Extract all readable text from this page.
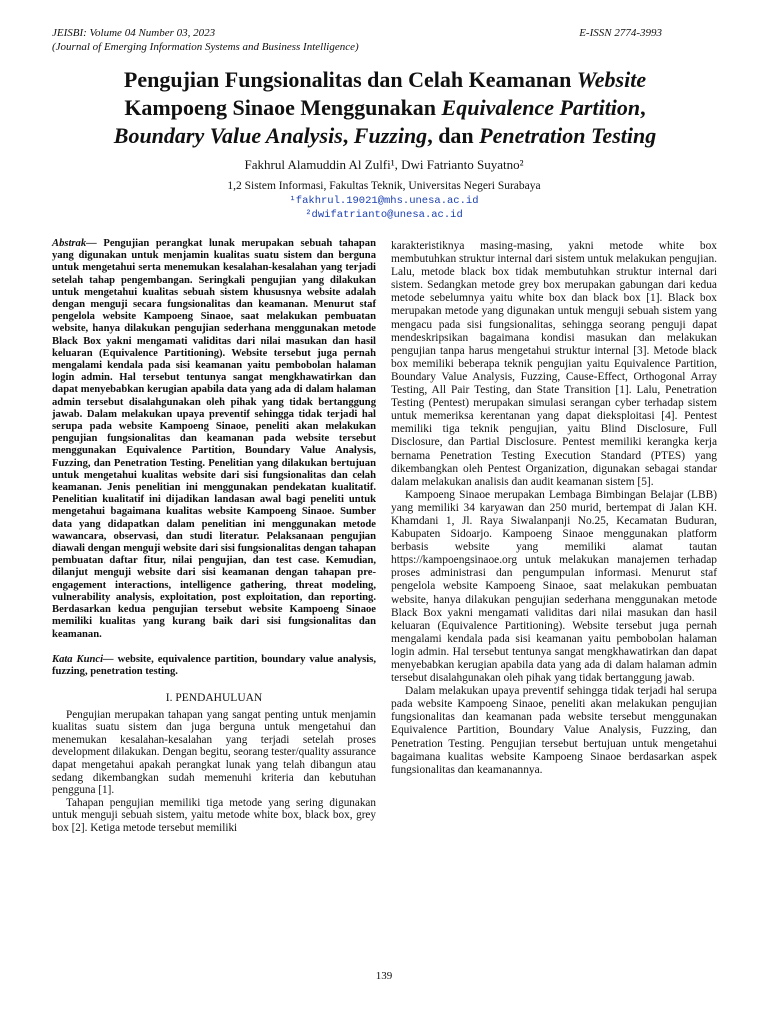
JEISBI: Volume 04 Number 03, 2023
(Journal of Emerging Information Systems and Business Intelligence)
E-ISSN 2774-3993
Pengujian Fungsionalitas dan Celah Keamanan Website
Kampoeng Sinaoe Menggunakan Equivalence Partition,
Boundary Value Analysis, Fuzzing, dan Penetration Testing
Fakhrul Alamuddin Al Zulfi¹, Dwi Fatrianto Suyatno²
1,2 Sistem Informasi, Fakultas Teknik, Universitas Negeri Surabaya
¹fakhrul.19021@mhs.unesa.ac.id
²dwifatrianto@unesa.ac.id
Abstrak— Pengujian perangkat lunak merupakan sebuah tahapan yang digunakan untuk menjamin kualitas suatu sistem dan berguna untuk mengetahui serta menemukan kesalahan-kesalahan yang terjadi setelah tahap pengembangan. Seringkali pengujian yang dilakukan untuk mengetahui kualitas sebuah sistem khususnya website adalah dengan menguji secara fungsionalitas dan keamanan. Menurut staf pengelola website Kampoeng Sinaoe, saat melakukan pembuatan website, hanya dilakukan pengujian sederhana menggunakan metode Black Box yakni mengamati validitas dari nilai masukan dan hasil keluaran (Equivalence Partitioning). Website tersebut juga pernah mengalami kendala pada sisi keamanan yaitu pembobolan halaman login admin. Hal tersebut tentunya sangat mengkhawatirkan dan dapat menyebabkan kerugian apabila data yang ada di dalam halaman admin tersebut disalahgunakan oleh pihak yang tidak bertanggung jawab. Dalam melakukan upaya preventif sehingga tidak terjadi hal serupa pada website Kampoeng Sinaoe, peneliti akan melakukan pengujian fungsionalitas dan keamanan pada website tersebut menggunakan Equivalence Partition, Boundary Value Analysis, Fuzzing, dan Penetration Testing. Penelitian yang dilakukan bertujuan untuk mengetahui kualitas website dari sisi fungsionalitas dan celah keamanan. Jenis penelitian ini menggunakan pendekatan kualitatif. Penelitian kualitatif ini dijadikan landasan awal bagi peneliti untuk mengetahui bagaimana kualitas website Kampoeng Sinaoe. Sumber data yang didapatkan dalam penelitian ini menggunakan metode wawancara, observasi, dan studi literatur. Pelaksanaan pengujian diawali dengan menguji website dari sisi fungsionalitas dengan tahapan pembuatan daftar fitur, nilai pengujian, dan test case. Kemudian, dilanjut menguji website dari sisi keamanan dengan tahapan pre-engagement interactions, intelligence gathering, threat modeling, vulnerability analysis, exploitation, post exploitation, dan reporting. Berdasarkan kedua pengujian tersebut website Kampoeng Sinaoe memiliki kualitas yang kurang baik dari sisi fungsionalitas dan keamanan.
Kata Kunci— website, equivalence partition, boundary value analysis, fuzzing, penetration testing.
I. PENDAHULUAN

Pengujian merupakan tahapan yang sangat penting untuk menjamin kualitas suatu sistem dan juga berguna untuk mengetahui dan menemukan kesalahan-kesalahan yang terjadi setelah proses development dilakukan. Dengan begitu, seorang tester/quality assurance dapat mengetahui apakah perangkat lunak yang telah dibangun atau sedang dikembangkan sudah memenuhi kriteria dan kebutuhan pengguna [1].

Tahapan pengujian memiliki tiga metode yang sering digunakan untuk menguji sebuah sistem, yaitu metode white box, black box, grey box [2]. Ketiga metode tersebut memiliki

karakteristiknya masing-masing, yakni metode white box membutuhkan struktur internal dari sistem untuk melakukan pengujian. Lalu, metode black box tidak membutuhkan struktur internal dari sistem. Sedangkan metode grey box merupakan gabungan dari kedua metode sebelumnya yaitu white box dan black box [1]. Black box merupakan metode yang digunakan untuk menguji sebuah sistem yang mengacu pada sisi fungsionalitas, sehingga seorang penguji dapat mendeskripsikan bagaimana kondisi masukan dan melakukan pengujian tanpa harus mengetahui struktur internal [3]. Metode black box memiliki beberapa teknik pengujian yaitu Equivalence Partition, Boundary Value Analysis, Fuzzing, Cause-Effect, Orthogonal Array Testing, All Pair Testing, dan State Transition [1]. Lalu, Penetration Testing (Pentest) merupakan simulasi serangan cyber terhadap sistem untuk memeriksa kerentanan yang dapat dieksploitasi [4]. Pentest memiliki tiga teknik pengujian, yaitu Blind Disclosure, Full Disclosure, dan Partial Disclosure. Pentest memiliki kerangka kerja bernama Penetration Testing Execution Standard (PTES) yang dikembangkan oleh Pentest Organization, digunakan sebagai standar dalam melakukan analisis dan audit keamanan sistem [5].

Kampoeng Sinaoe merupakan Lembaga Bimbingan Belajar (LBB) yang memiliki 34 karyawan dan 250 murid, bertempat di Jalan KH. Khamdani 1, Jl. Raya Siwalanpanji No.25, Kecamatan Buduran, Kabupaten Sidoarjo. Kampoeng Sinaoe menggunakan platform berbasis website yang memiliki alamat tautan https://kampoengsinaoe.org untuk melakukan manajemen terhadap proses administrasi dan pengumpulan informasi. Menurut staf pengelola website Kampoeng Sinaoe, saat melakukan pembuatan website, hanya dilakukan pengujian sederhana menggunakan metode Black Box yakni mengamati validitas dari nilai masukan dan hasil keluaran (Equivalence Partitioning). Website tersebut juga pernah mengalami kendala pada sisi keamanan yaitu pembobolan halaman login admin. Hal tersebut tentunya sangat mengkhawatirkan dan dapat menyebabkan kerugian apabila data yang ada di dalam halaman admin tersebut disalahgunakan oleh pihak yang tidak bertanggung jawab.

Dalam melakukan upaya preventif sehingga tidak terjadi hal serupa pada website Kampoeng Sinaoe, peneliti akan melakukan pengujian fungsionalitas dan keamanan pada website tersebut menggunakan Equivalence Partition, Boundary Value Analysis, Fuzzing, dan Penetration Testing. Pengujian tersebut bertujuan untuk mengetahui bagaimana kualitas website Kampoeng Sinaoe berdasarkan aspek fungsionalitas dan keamanannya.

139
